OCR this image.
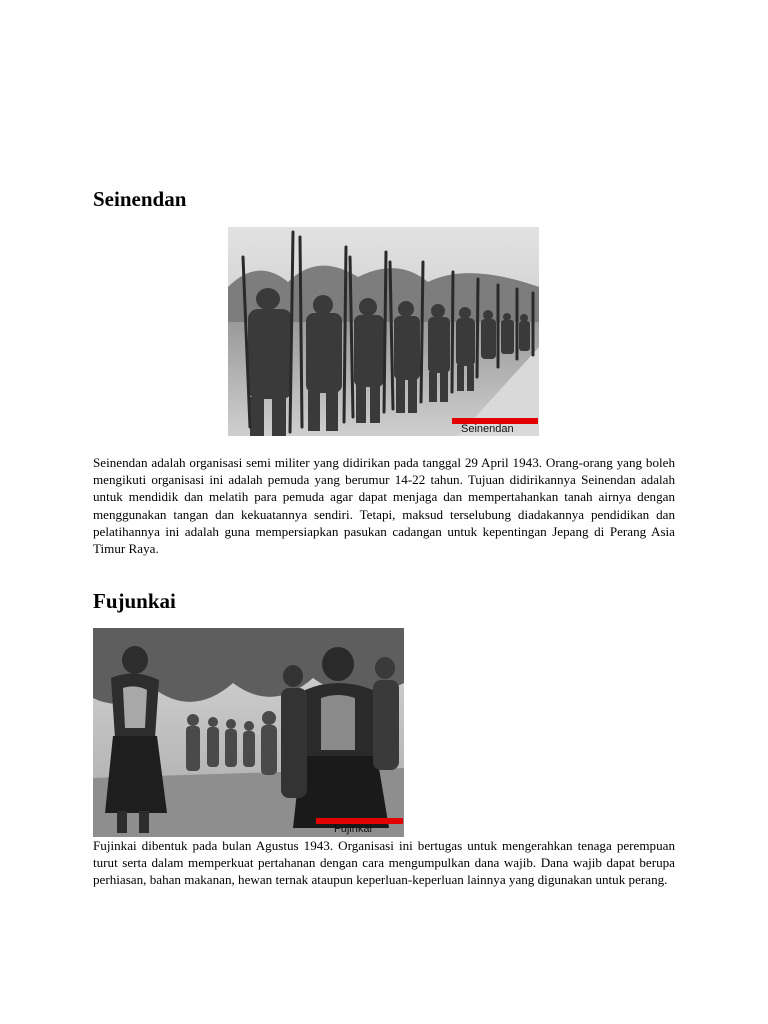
Seinendan
Seinendan

Seinendan adalah organisasi semi militer yang didirikan pada tanggal 29 April 1943. Orang-orang yang boleh mengikuti organisasi ini adalah pemuda yang berumur 14-22 tahun. Tujuan didirikannya Seinendan adalah untuk mendidik dan melatih para pemuda agar dapat menjaga dan mempertahankan tanah airnya dengan menggunakan tangan dan kekuatannya sendiri. Tetapi, maksud terselubung diadakannya pendidikan dan pelatihannya ini adalah guna mempersiapkan pasukan cadangan untuk kepentingan Jepang di Perang Asia Timur Raya.

Fujunkai
Fujinkai

Fujinkai dibentuk pada bulan Agustus 1943. Organisasi ini bertugas untuk mengerahkan tenaga perempuan turut serta dalam memperkuat pertahanan dengan cara mengumpulkan dana wajib. Dana wajib dapat berupa perhiasan, bahan makanan, hewan ternak ataupun keperluan-keperluan lainnya yang digunakan untuk perang.
